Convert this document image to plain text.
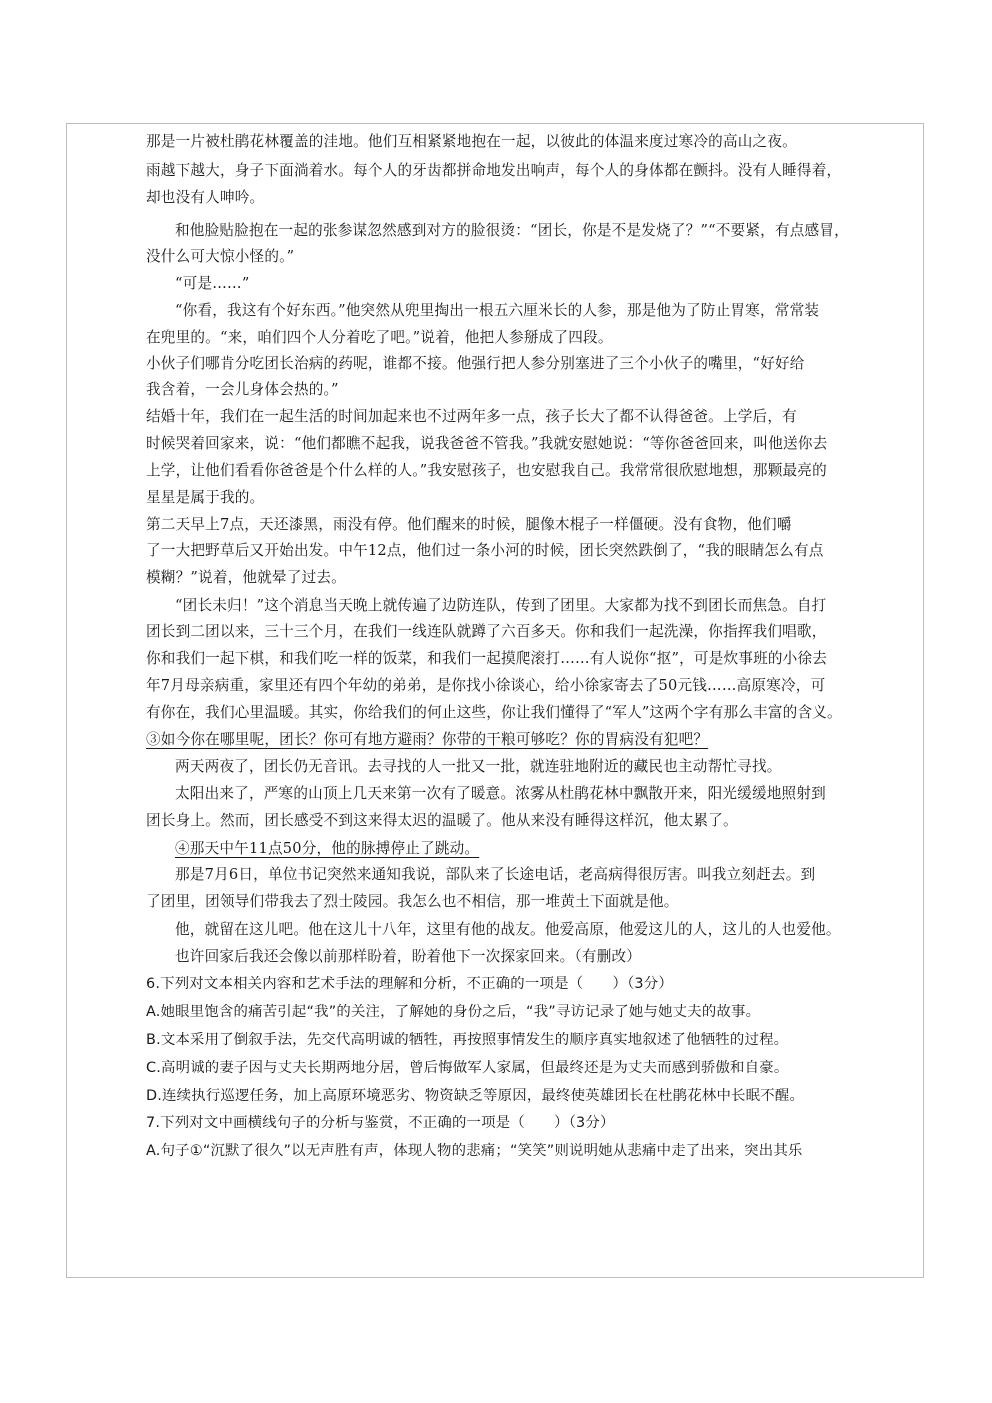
那是一片被杜鹃花林覆盖的洼地。他们互相紧紧地抱在一起，以彼此的体温来度过寒冷的高山之夜。
雨越下越大，身子下面淌着水。每个人的牙齿都拼命地发出响声，每个人的身体都在颤抖。没有人睡得着，
却也没有人呻吟。
和他脸贴脸抱在一起的张参谋忽然感到对方的脸很烫：“团长，你是不是发烧了？”“不要紧，有点感冒，
没什么可大惊小怪的。”
“可是……”
“你看，我这有个好东西。”他突然从兜里掏出一根五六厘米长的人参，那是他为了防止胃寒，常常装
在兜里的。“来，咱们四个人分着吃了吧。”说着，他把人参掰成了四段。
小伙子们哪肯分吃团长治病的药呢，谁都不接。他强行把人参分别塞进了三个小伙子的嘴里，“好好给
我含着，一会儿身体会热的。”
结婚十年，我们在一起生活的时间加起来也不过两年多一点，孩子长大了都不认得爸爸。上学后，有
时候哭着回家来，说：“他们都瞧不起我，说我爸爸不管我。”我就安慰她说：“等你爸爸回来，叫他送你去
上学，让他们看看你爸爸是个什么样的人。”我安慰孩子，也安慰我自己。我常常很欣慰地想，那颗最亮的
星星是属于我的。
第二天早上7点，天还漆黑，雨没有停。他们醒来的时候，腿像木棍子一样僵硬。没有食物，他们嚼
了一大把野草后又开始出发。中午12点，他们过一条小河的时候，团长突然跌倒了，“我的眼睛怎么有点
模糊？”说着，他就晕了过去。
“团长未归！”这个消息当天晚上就传遍了边防连队，传到了团里。大家都为找不到团长而焦急。自打
团长到二团以来，三十三个月，在我们一线连队就蹲了六百多天。你和我们一起洗澡，你指挥我们唱歌，
你和我们一起下棋，和我们吃一样的饭菜，和我们一起摸爬滚打……有人说你“抠”，可是炊事班的小徐去
年7月母亲病重，家里还有四个年幼的弟弟，是你找小徐谈心，给小徐家寄去了50元钱……高原寒冷，可
有你在，我们心里温暖。其实，你给我们的何止这些，你让我们懂得了“军人”这两个字有那么丰富的含义。
③如今你在哪里呢，团长？你可有地方避雨？你带的干粮可够吃？你的胃病没有犯吧？
两天两夜了，团长仍无音讯。去寻找的人一批又一批，就连驻地附近的藏民也主动帮忙寻找。
太阳出来了，严寒的山顶上几天来第一次有了暖意。浓雾从杜鹃花林中飘散开来，阳光缓缓地照射到
团长身上。然而，团长感受不到这来得太迟的温暖了。他从来没有睡得这样沉，他太累了。
④那天中午11点50分，他的脉搏停止了跳动。
那是7月6日，单位书记突然来通知我说，部队来了长途电话，老高病得很厉害。叫我立刻赶去。到
了团里，团领导们带我去了烈士陵园。我怎么也不相信，那一堆黄土下面就是他。
他，就留在这儿吧。他在这儿十八年，这里有他的战友。他爱高原，他爱这儿的人，这儿的人也爱他。
也许回家后我还会像以前那样盼着，盼着他下一次探家回来。（有删改）
6.下列对文本相关内容和艺术手法的理解和分析，不正确的一项是（　　）（3分）
A.她眼里饱含的痛苦引起“我”的关注，了解她的身份之后，“我”寻访记录了她与她丈夫的故事。
B.文本采用了倒叙手法，先交代高明诚的牺牲，再按照事情发生的顺序真实地叙述了他牺牲的过程。
C.高明诚的妻子因与丈夫长期两地分居，曾后悔做军人家属，但最终还是为丈夫而感到骄傲和自豪。
D.连续执行巡逻任务，加上高原环境恶劣、物资缺乏等原因，最终使英雄团长在杜鹃花林中长眠不醒。
7.下列对文中画横线句子的分析与鉴赏，不正确的一项是（　　）（3分）
A.句子①“沉默了很久”以无声胜有声，体现人物的悲痛；“笑笑”则说明她从悲痛中走了出来，突出其乐
